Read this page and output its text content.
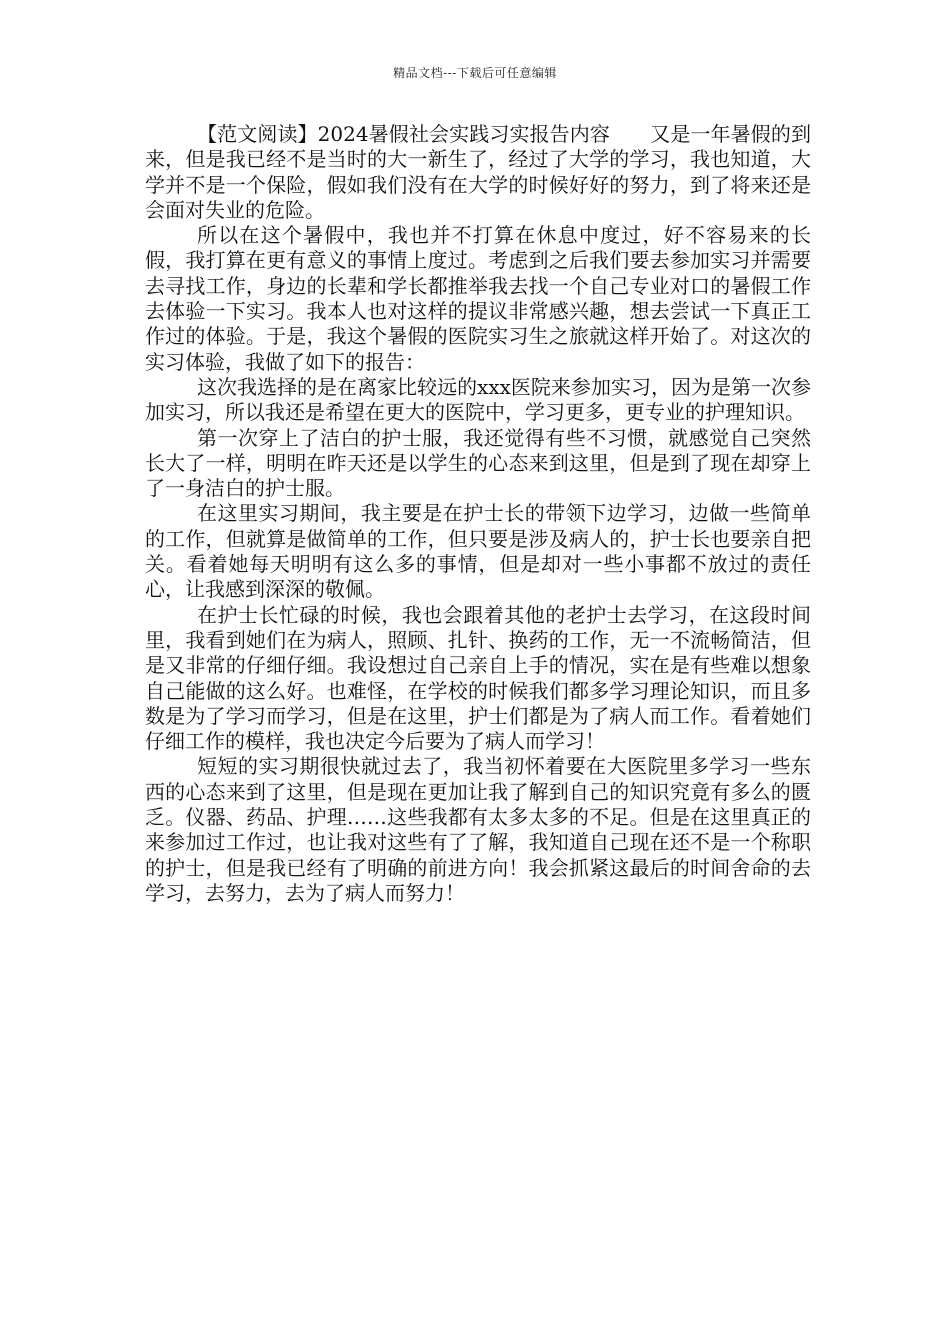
精品文档---下载后可任意编辑

【范文阅读】2024暑假社会实践习实报告内容　　又是一年暑假的到来，但是我已经不是当时的大一新生了，经过了大学的学习，我也知道，大学并不是一个保险，假如我们没有在大学的时候好好的努力，到了将来还是会面对失业的危险。

所以在这个暑假中，我也并不打算在休息中度过，好不容易来的长假，我打算在更有意义的事情上度过。考虑到之后我们要去参加实习并需要去寻找工作，身边的长辈和学长都推举我去找一个自己专业对口的暑假工作去体验一下实习。我本人也对这样的提议非常感兴趣，想去尝试一下真正工作过的体验。于是，我这个暑假的医院实习生之旅就这样开始了。对这次的实习体验，我做了如下的报告：

这次我选择的是在离家比较远的xxx医院来参加实习，因为是第一次参加实习，所以我还是希望在更大的医院中，学习更多，更专业的护理知识。

第一次穿上了洁白的护士服，我还觉得有些不习惯，就感觉自己突然长大了一样，明明在昨天还是以学生的心态来到这里，但是到了现在却穿上了一身洁白的护士服。

在这里实习期间，我主要是在护士长的带领下边学习，边做一些简单的工作，但就算是做简单的工作，但只要是涉及病人的，护士长也要亲自把关。看着她每天明明有这么多的事情，但是却对一些小事都不放过的责任心，让我感到深深的敬佩。

在护士长忙碌的时候，我也会跟着其他的老护士去学习，在这段时间里，我看到她们在为病人，照顾、扎针、换药的工作，无一不流畅简洁，但是又非常的仔细仔细。我设想过自己亲自上手的情况，实在是有些难以想象自己能做的这么好。也难怪，在学校的时候我们都多学习理论知识，而且多数是为了学习而学习，但是在这里，护士们都是为了病人而工作。看着她们仔细工作的模样，我也决定今后要为了病人而学习！

短短的实习期很快就过去了，我当初怀着要在大医院里多学习一些东西的心态来到了这里，但是现在更加让我了解到自己的知识究竟有多么的匮乏。仪器、药品、护理……这些我都有太多太多的不足。但是在这里真正的来参加过工作过，也让我对这些有了了解，我知道自己现在还不是一个称职的护士，但是我已经有了明确的前进方向！我会抓紧这最后的时间舍命的去学习，去努力，去为了病人而努力！
